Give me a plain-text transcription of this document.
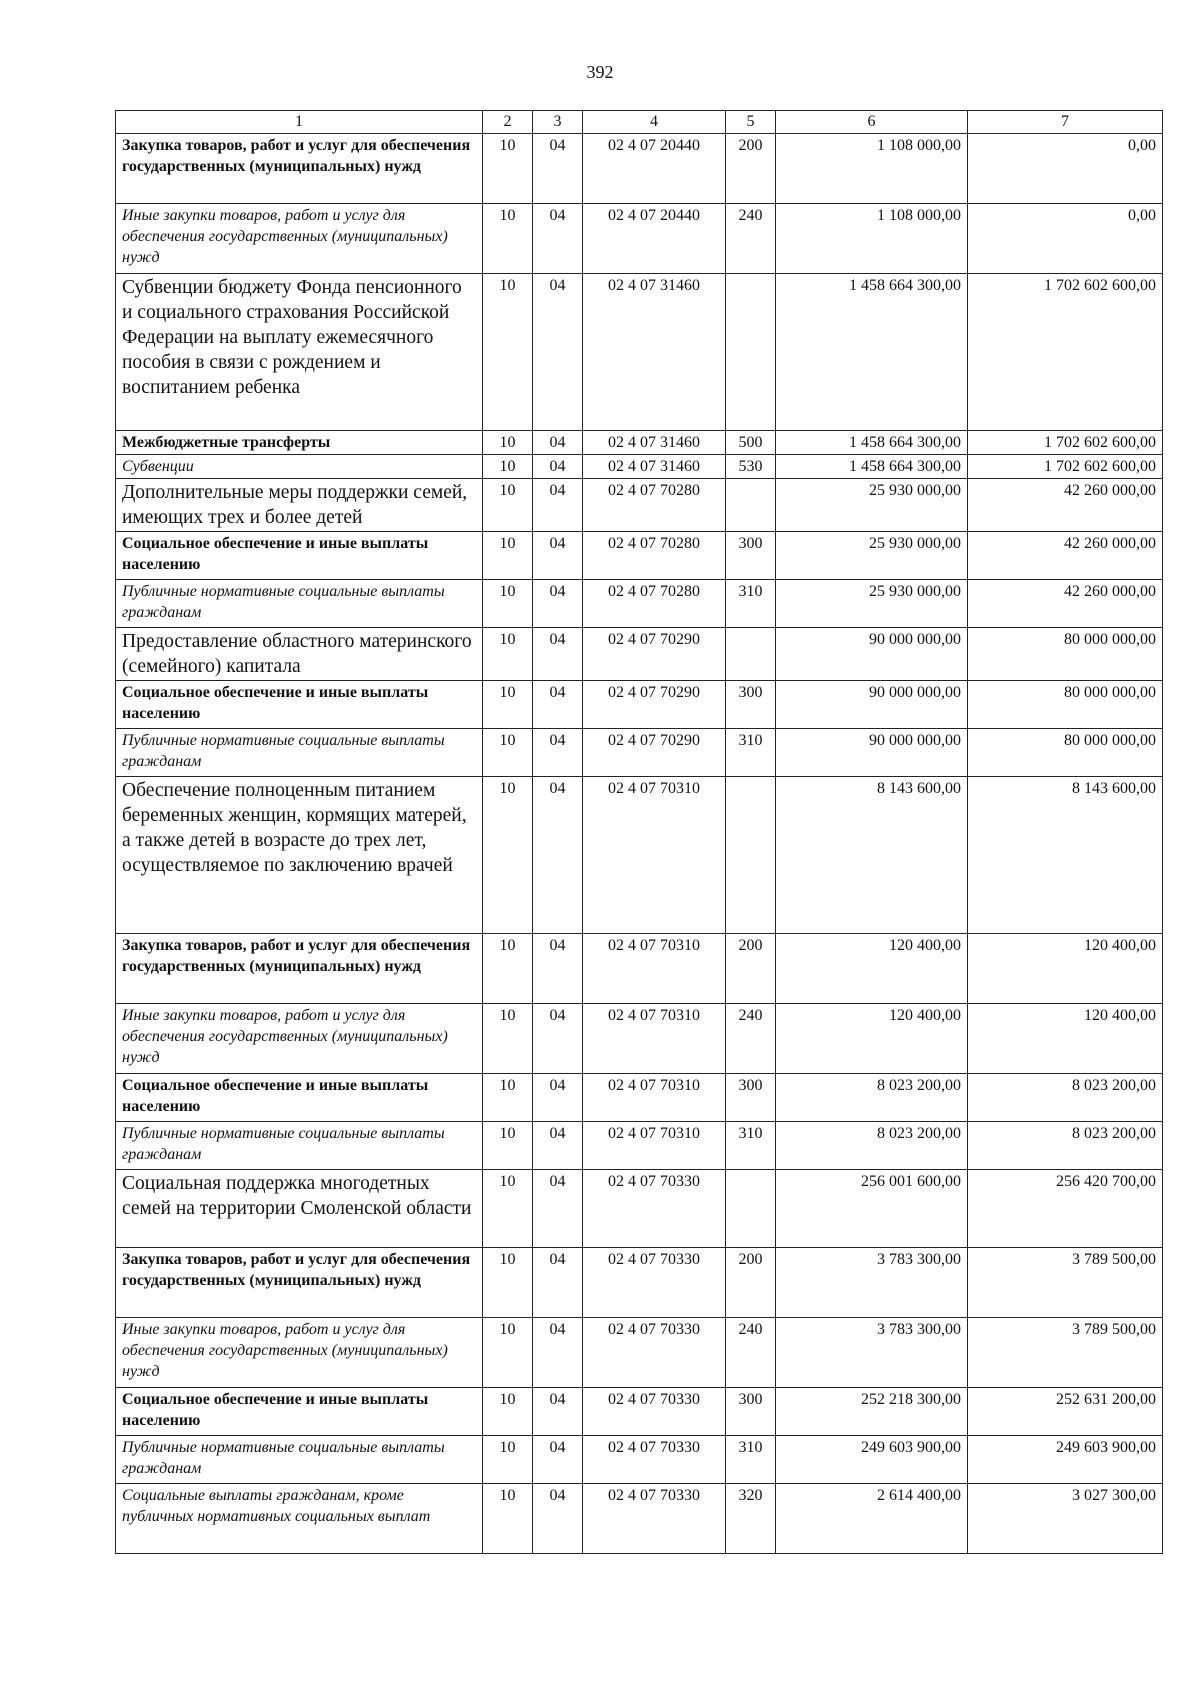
392
1	2	3	4	5	6	7
Закупка товаров, работ и услуг для обеспечения государственных (муниципальных) нужд	10	04	02 4 07 20440	200	1 108 000,00	0,00
Иные закупки товаров, работ и услуг для обеспечения государственных (муниципальных) нужд	10	04	02 4 07 20440	240	1 108 000,00	0,00
Субвенции бюджету Фонда пенсионного и социального страхования Российской Федерации на выплату ежемесячного пособия в связи с рождением и воспитанием ребенка	10	04	02 4 07 31460		1 458 664 300,00	1 702 602 600,00
Межбюджетные трансферты	10	04	02 4 07 31460	500	1 458 664 300,00	1 702 602 600,00
Субвенции	10	04	02 4 07 31460	530	1 458 664 300,00	1 702 602 600,00
Дополнительные меры поддержки семей, имеющих трех и более детей	10	04	02 4 07 70280		25 930 000,00	42 260 000,00
Социальное обеспечение и иные выплаты населению	10	04	02 4 07 70280	300	25 930 000,00	42 260 000,00
Публичные нормативные социальные выплаты гражданам	10	04	02 4 07 70280	310	25 930 000,00	42 260 000,00
Предоставление областного материнского (семейного) капитала	10	04	02 4 07 70290		90 000 000,00	80 000 000,00
Социальное обеспечение и иные выплаты населению	10	04	02 4 07 70290	300	90 000 000,00	80 000 000,00
Публичные нормативные социальные выплаты гражданам	10	04	02 4 07 70290	310	90 000 000,00	80 000 000,00
Обеспечение полноценным питанием беременных женщин, кормящих матерей, а также детей в возрасте до трех лет, осуществляемое по заключению врачей	10	04	02 4 07 70310		8 143 600,00	8 143 600,00
Закупка товаров, работ и услуг для обеспечения государственных (муниципальных) нужд	10	04	02 4 07 70310	200	120 400,00	120 400,00
Иные закупки товаров, работ и услуг для обеспечения государственных (муниципальных) нужд	10	04	02 4 07 70310	240	120 400,00	120 400,00
Социальное обеспечение и иные выплаты населению	10	04	02 4 07 70310	300	8 023 200,00	8 023 200,00
Публичные нормативные социальные выплаты гражданам	10	04	02 4 07 70310	310	8 023 200,00	8 023 200,00
Социальная поддержка многодетных семей на территории Смоленской области	10	04	02 4 07 70330		256 001 600,00	256 420 700,00
Закупка товаров, работ и услуг для обеспечения государственных (муниципальных) нужд	10	04	02 4 07 70330	200	3 783 300,00	3 789 500,00
Иные закупки товаров, работ и услуг для обеспечения государственных (муниципальных) нужд	10	04	02 4 07 70330	240	3 783 300,00	3 789 500,00
Социальное обеспечение и иные выплаты населению	10	04	02 4 07 70330	300	252 218 300,00	252 631 200,00
Публичные нормативные социальные выплаты гражданам	10	04	02 4 07 70330	310	249 603 900,00	249 603 900,00
Социальные выплаты гражданам, кроме публичных нормативных социальных выплат	10	04	02 4 07 70330	320	2 614 400,00	3 027 300,00
